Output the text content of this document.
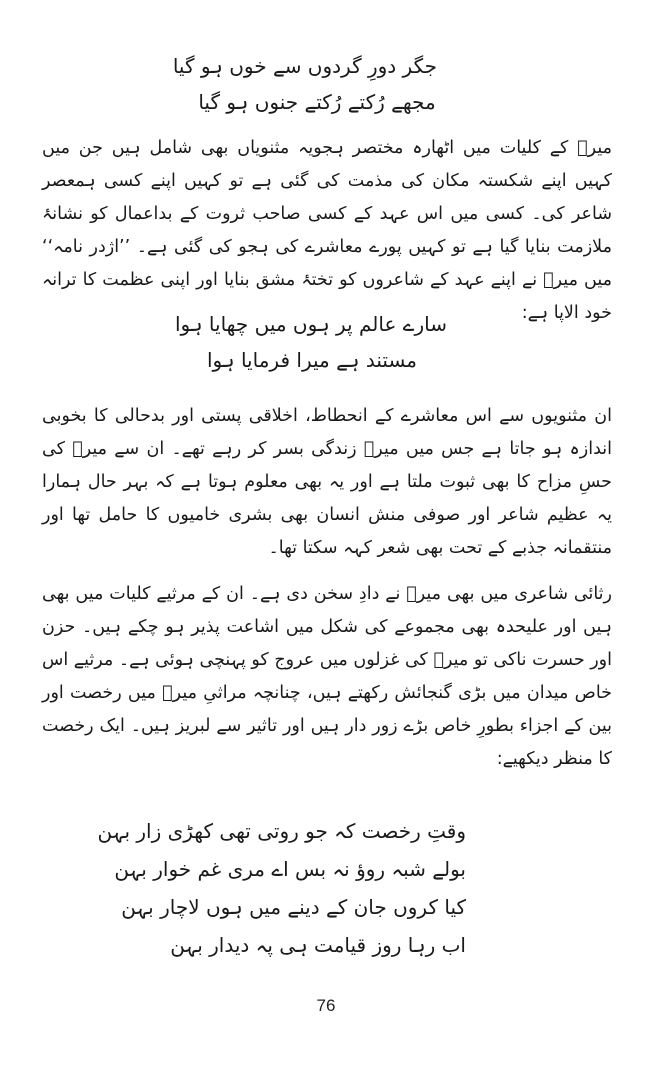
جگر دورِ گردوں سے خوں ہو گیا
مجھے رُکتے رُکتے جنوں ہو گیا
میرؔ کے کلیات میں اٹھارہ مختصر ہجویہ مثنویاں بھی شامل ہیں جن میں کہیں اپنے شکستہ مکان کی مذمت کی گئی ہے تو کہیں اپنے کسی ہمعصر شاعر کی۔ کسی میں اس عہد کے کسی صاحب ثروت کے بداعمال کو نشانۂ ملازمت بنایا گیا ہے تو کہیں پورے معاشرے کی ہجو کی گئی ہے۔ ’’اژدر نامہ‘‘ میں میرؔ نے اپنے عہد کے شاعروں کو تختۂ مشق بنایا اور اپنی عظمت کا ترانہ خود الاپا ہے:
سارے عالم پر ہوں میں چھایا ہوا
مستند ہے میرا فرمایا ہوا
ان مثنویوں سے اس معاشرے کے انحطاط، اخلاقی پستی اور بدحالی کا بخوبی اندازہ ہو جاتا ہے جس میں میرؔ زندگی بسر کر رہے تھے۔ ان سے میرؔ کی حسِ مزاح کا بھی ثبوت ملتا ہے اور یہ بھی معلوم ہوتا ہے کہ بہر حال ہمارا یہ عظیم شاعر اور صوفی منش انسان بھی بشری خامیوں کا حامل تھا اور منتقمانہ جذبے کے تحت بھی شعر کہہ سکتا تھا۔
رثائی شاعری میں بھی میرؔ نے دادِ سخن دی ہے۔ ان کے مرثیے کلیات میں بھی ہیں اور علیحدہ بھی مجموعے کی شکل میں اشاعت پذیر ہو چکے ہیں۔ حزن اور حسرت ناکی تو میرؔ کی غزلوں میں عروج کو پہنچی ہوئی ہے۔ مرثیے اس خاص میدان میں بڑی گنجائش رکھتے ہیں، چنانچہ مراثیِ میرؔ میں رخصت اور بین کے اجزاء بطورِ خاص بڑے زور دار ہیں اور تاثیر سے لبریز ہیں۔ ایک رخصت کا منظر دیکھیے:
وقتِ رخصت کہ جو روتی تھی کھڑی زار بہن
بولے شبہ روؤ نہ بس اے مری غم خوار بہن
کیا کروں جان کے دینے میں ہوں لاچار بہن
اب رہا روز قیامت ہی پہ دیدار بہن
76
